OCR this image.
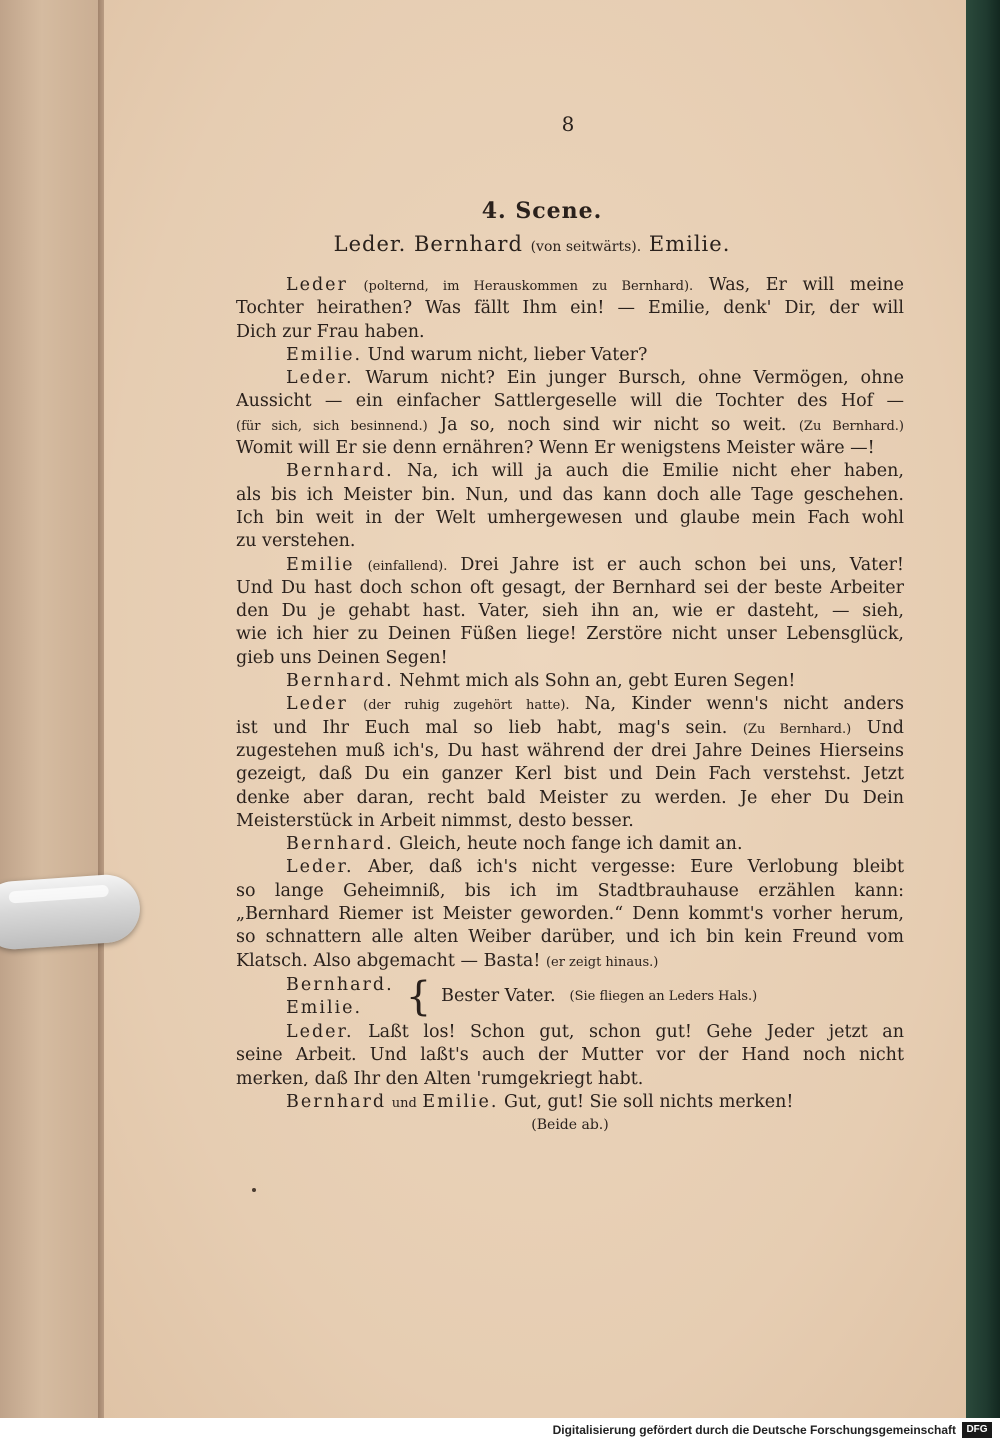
8
4. Scene.
Leder. Bernhard (von seitwärts). Emilie.
Leder (polternd, im Herauskommen zu Bernhard). Was, Er will meine
Tochter heirathen? Was fällt Ihm ein! — Emilie, denk' Dir, der will
Dich zur Frau haben.
Emilie. Und warum nicht, lieber Vater?
Leder. Warum nicht? Ein junger Bursch, ohne Vermögen, ohne
Aussicht — ein einfacher Sattlergeselle will die Tochter des Hof —
(für sich, sich besinnend.) Ja so, noch sind wir nicht so weit. (Zu Bernhard.)
Womit will Er sie denn ernähren? Wenn Er wenigstens Meister wäre —!
Bernhard. Na, ich will ja auch die Emilie nicht eher haben,
als bis ich Meister bin. Nun, und das kann doch alle Tage geschehen.
Ich bin weit in der Welt umhergewesen und glaube mein Fach wohl
zu verstehen.
Emilie (einfallend). Drei Jahre ist er auch schon bei uns, Vater!
Und Du hast doch schon oft gesagt, der Bernhard sei der beste Arbeiter
den Du je gehabt hast. Vater, sieh ihn an, wie er dasteht, — sieh,
wie ich hier zu Deinen Füßen liege! Zerstöre nicht unser Lebensglück,
gieb uns Deinen Segen!
Bernhard. Nehmt mich als Sohn an, gebt Euren Segen!
Leder (der ruhig zugehört hatte). Na, Kinder wenn's nicht anders
ist und Ihr Euch mal so lieb habt, mag's sein. (Zu Bernhard.) Und
zugestehen muß ich's, Du hast während der drei Jahre Deines Hierseins
gezeigt, daß Du ein ganzer Kerl bist und Dein Fach verstehst. Jetzt
denke aber daran, recht bald Meister zu werden. Je eher Du Dein
Meisterstück in Arbeit nimmst, desto besser.
Bernhard. Gleich, heute noch fange ich damit an.
Leder. Aber, daß ich's nicht vergesse: Eure Verlobung bleibt
so lange Geheimniß, bis ich im Stadtbrauhause erzählen kann:
„Bernhard Riemer ist Meister geworden.“ Denn kommt's vorher herum,
so schnattern alle alten Weiber darüber, und ich bin kein Freund vom
Klatsch. Also abgemacht — Basta! (er zeigt hinaus.)
Bernhard.
Emilie.	{ Bester Vater. (Sie fliegen an Leders Hals.)
Leder. Laßt los! Schon gut, schon gut! Gehe Jeder jetzt an
seine Arbeit. Und laßt's auch der Mutter vor der Hand noch nicht
merken, daß Ihr den Alten 'rumgekriegt habt.
Bernhard und Emilie. Gut, gut! Sie soll nichts merken!
(Beide ab.)
Digitalisierung gefördert durch die Deutsche Forschungsgemeinschaft	DFG
